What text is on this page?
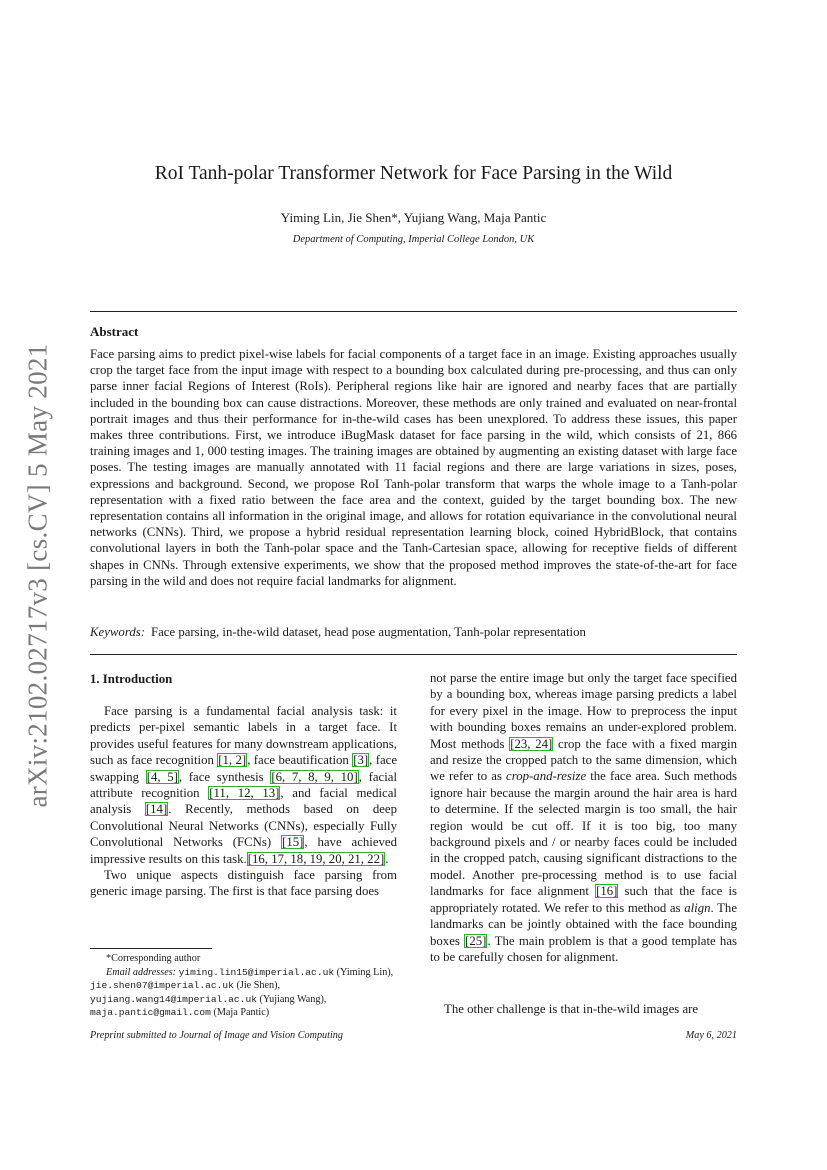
arXiv:2102.02717v3 [cs.CV] 5 May 2021
RoI Tanh-polar Transformer Network for Face Parsing in the Wild
Yiming Lin, Jie Shen*, Yujiang Wang, Maja Pantic
Department of Computing, Imperial College London, UK
Abstract
Face parsing aims to predict pixel-wise labels for facial components of a target face in an image. Existing approaches usually crop the target face from the input image with respect to a bounding box calculated during pre-processing, and thus can only parse inner facial Regions of Interest (RoIs). Peripheral regions like hair are ignored and nearby faces that are partially included in the bounding box can cause distractions. Moreover, these methods are only trained and evaluated on near-frontal portrait images and thus their performance for in-the-wild cases has been unexplored. To address these issues, this paper makes three contributions. First, we introduce iBugMask dataset for face parsing in the wild, which consists of 21, 866 training images and 1, 000 testing images. The training images are obtained by augmenting an existing dataset with large face poses. The testing images are manually annotated with 11 facial regions and there are large variations in sizes, poses, expressions and background. Second, we propose RoI Tanh-polar transform that warps the whole image to a Tanh-polar representation with a fixed ratio between the face area and the context, guided by the target bounding box. The new representation contains all information in the original image, and allows for rotation equivariance in the convolutional neural networks (CNNs). Third, we propose a hybrid residual representation learning block, coined HybridBlock, that contains convolutional layers in both the Tanh-polar space and the Tanh-Cartesian space, allowing for receptive fields of different shapes in CNNs. Through extensive experiments, we show that the proposed method improves the state-of-the-art for face parsing in the wild and does not require facial landmarks for alignment.
Keywords: Face parsing, in-the-wild dataset, head pose augmentation, Tanh-polar representation
1. Introduction

Face parsing is a fundamental facial analysis task: it predicts per-pixel semantic labels in a target face. It provides useful features for many downstream applications, such as face recognition [1, 2], face beautification [3], face swapping [4, 5], face synthesis [6, 7, 8, 9, 10], facial attribute recognition [11, 12, 13], and facial medical analysis [14]. Recently, methods based on deep Convolutional Neural Networks (CNNs), especially Fully Convolutional Networks (FCNs) [15], have achieved impressive results on this task.[16, 17, 18, 19, 20, 21, 22].

Two unique aspects distinguish face parsing from generic image parsing. The first is that face parsing does

not parse the entire image but only the target face specified by a bounding box, whereas image parsing predicts a label for every pixel in the image. How to preprocess the input with bounding boxes remains an under-explored problem. Most methods [23, 24] crop the face with a fixed margin and resize the cropped patch to the same dimension, which we refer to as crop-and-resize the face area. Such methods ignore hair because the margin around the hair area is hard to determine. If the selected margin is too small, the hair region would be cut off. If it is too big, too many background pixels and / or nearby faces could be included in the cropped patch, causing significant distractions to the model. Another pre-processing method is to use facial landmarks for face alignment [16] such that the face is appropriately rotated. We refer to this method as align. The landmarks can be jointly obtained with the face bounding boxes [25]. The main problem is that a good template has to be carefully chosen for alignment.

The other challenge is that in-the-wild images are
*Corresponding author
Email addresses: yiming.lin15@imperial.ac.uk (Yiming Lin), jie.shen07@imperial.ac.uk (Jie Shen),
yujiang.wang14@imperial.ac.uk (Yujiang Wang),
maja.pantic@gmail.com (Maja Pantic)
Preprint submitted to Journal of Image and Vision Computing	May 6, 2021
